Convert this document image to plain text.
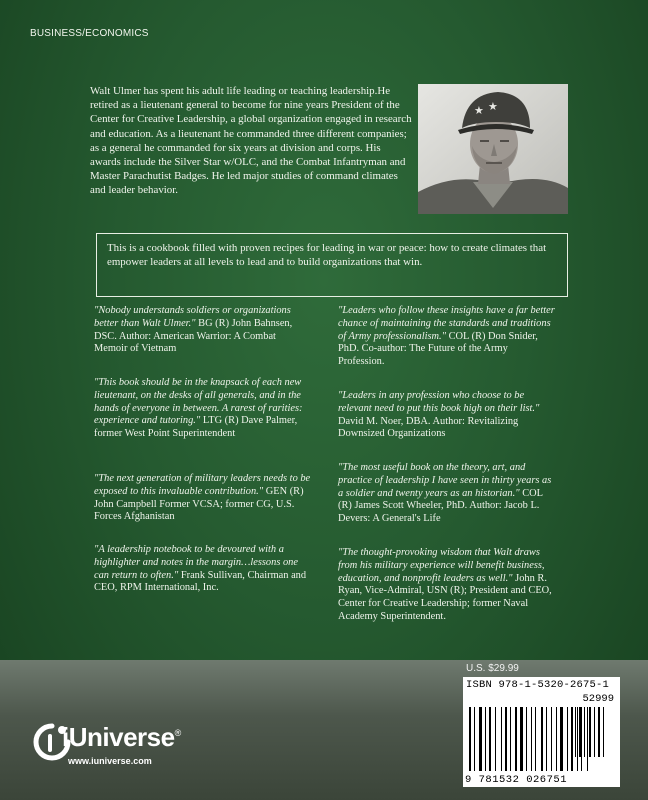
BUSINESS/ECONOMICS
Walt Ulmer has spent his adult life leading or teaching leadership.He retired as a lieutenant general to become for nine years President of the Center for Creative Leadership, a global organization engaged in research and education. As a lieutenant he commanded three different companies; as a general he commanded for six years at division and corps. His awards include the Silver Star w/OLC, and the Combat Infantryman and Master Parachutist Badges. He led major studies of command climates and leader behavior.
★ ★
This is a cookbook filled with proven recipes for leading in war or peace: how to create climates that empower leaders at all levels to lead and to build organizations that win.
"Nobody understands soldiers or organizations better than Walt Ulmer." BG (R) John Bahnsen, DSC. Author: American Warrior: A Combat Memoir of Vietnam
"This book should be in the knapsack of each new lieutenant, on the desks of all generals, and in the hands of everyone in between. A rarest of rarities: experience and tutoring." LTG (R) Dave Palmer, former West Point Superintendent
"The next generation of military leaders needs to be exposed to this invaluable contribution." GEN (R) John Campbell Former VCSA; former CG, U.S. Forces Afghanistan
"A leadership notebook to be devoured with a highlighter and notes in the margin…lessons one can return to often." Frank Sullivan, Chairman and CEO, RPM International, Inc.
"Leaders who follow these insights have a far better chance of maintaining the standards and traditions of Army professionalism." COL (R) Don Snider, PhD. Co-author: The Future of the Army Profession.
"Leaders in any profession who choose to be relevant need to put this book high on their list." David M. Noer, DBA. Author: Revitalizing Downsized Organizations
"The most useful book on the theory, art, and practice of leadership I have seen in thirty years as a soldier and twenty years as an historian." COL (R) James Scott Wheeler, PhD. Author: Jacob L. Devers: A General's Life
"The thought-provoking wisdom that Walt draws from his military experience will benefit business, education, and nonprofit leaders as well." John R. Ryan, Vice-Admiral, USN (R); President and CEO, Center for Creative Leadership; former Naval Academy Superintendent.
U.S. $29.99
ISBN 978-1-5320-2675-1
52999
9 781532 026751
iUniverse®
www.iuniverse.com
